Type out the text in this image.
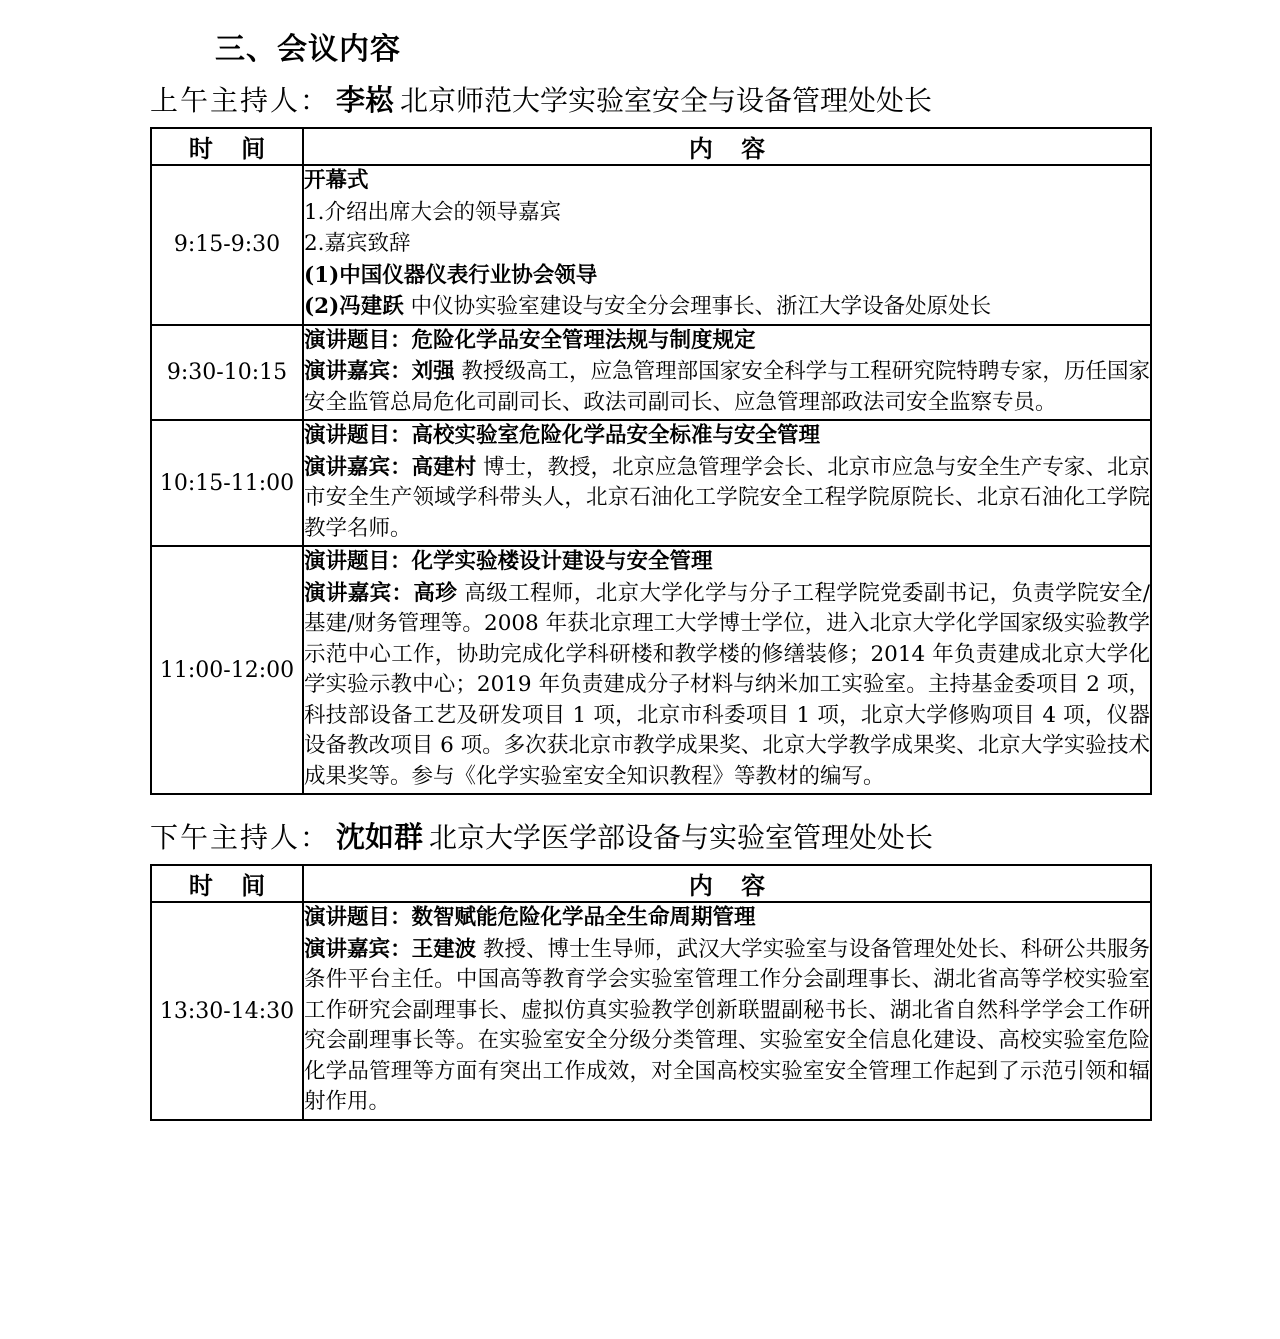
三、会议内容
上午主持人： 李崧 北京师范大学实验室安全与设备管理处处长
时 间	内 容
9:15-9:30	开幕式

1.介绍出席大会的领导嘉宾

2.嘉宾致辞

(1)中国仪器仪表行业协会领导

(2)冯建跃 中仪协实验室建设与安全分会理事长、浙江大学设备处原处长

9:30-10:15	演讲题目：危险化学品安全管理法规与制度规定

演讲嘉宾：刘强 教授级高工，应急管理部国家安全科学与工程研究院特聘专家，历任国家安全监管总局危化司副司长、政法司副司长、应急管理部政法司安全监察专员。

10:15-11:00	演讲题目：高校实验室危险化学品安全标准与安全管理

演讲嘉宾：高建村 博士，教授，北京应急管理学会长、北京市应急与安全生产专家、北京市安全生产领域学科带头人，北京石油化工学院安全工程学院原院长、北京石油化工学院教学名师。

11:00-12:00	演讲题目：化学实验楼设计建设与安全管理

演讲嘉宾：高珍 高级工程师，北京大学化学与分子工程学院党委副书记，负责学院安全/基建/财务管理等。2008 年获北京理工大学博士学位，进入北京大学化学国家级实验教学示范中心工作，协助完成化学科研楼和教学楼的修缮装修；2014 年负责建成北京大学化学实验示教中心；2019 年负责建成分子材料与纳米加工实验室。主持基金委项目 2 项，科技部设备工艺及研发项目 1 项，北京市科委项目 1 项，北京大学修购项目 4 项，仪器设备教改项目 6 项。多次获北京市教学成果奖、北京大学教学成果奖、北京大学实验技术成果奖等。参与《化学实验室安全知识教程》等教材的编写。

下午主持人： 沈如群 北京大学医学部设备与实验室管理处处长
时 间	内 容
13:30-14:30	演讲题目：数智赋能危险化学品全生命周期管理

演讲嘉宾：王建波 教授、博士生导师，武汉大学实验室与设备管理处处长、科研公共服务条件平台主任。中国高等教育学会实验室管理工作分会副理事长、湖北省高等学校实验室工作研究会副理事长、虚拟仿真实验教学创新联盟副秘书长、湖北省自然科学学会工作研究会副理事长等。在实验室安全分级分类管理、实验室安全信息化建设、高校实验室危险化学品管理等方面有突出工作成效，对全国高校实验室安全管理工作起到了示范引领和辐射作用。
